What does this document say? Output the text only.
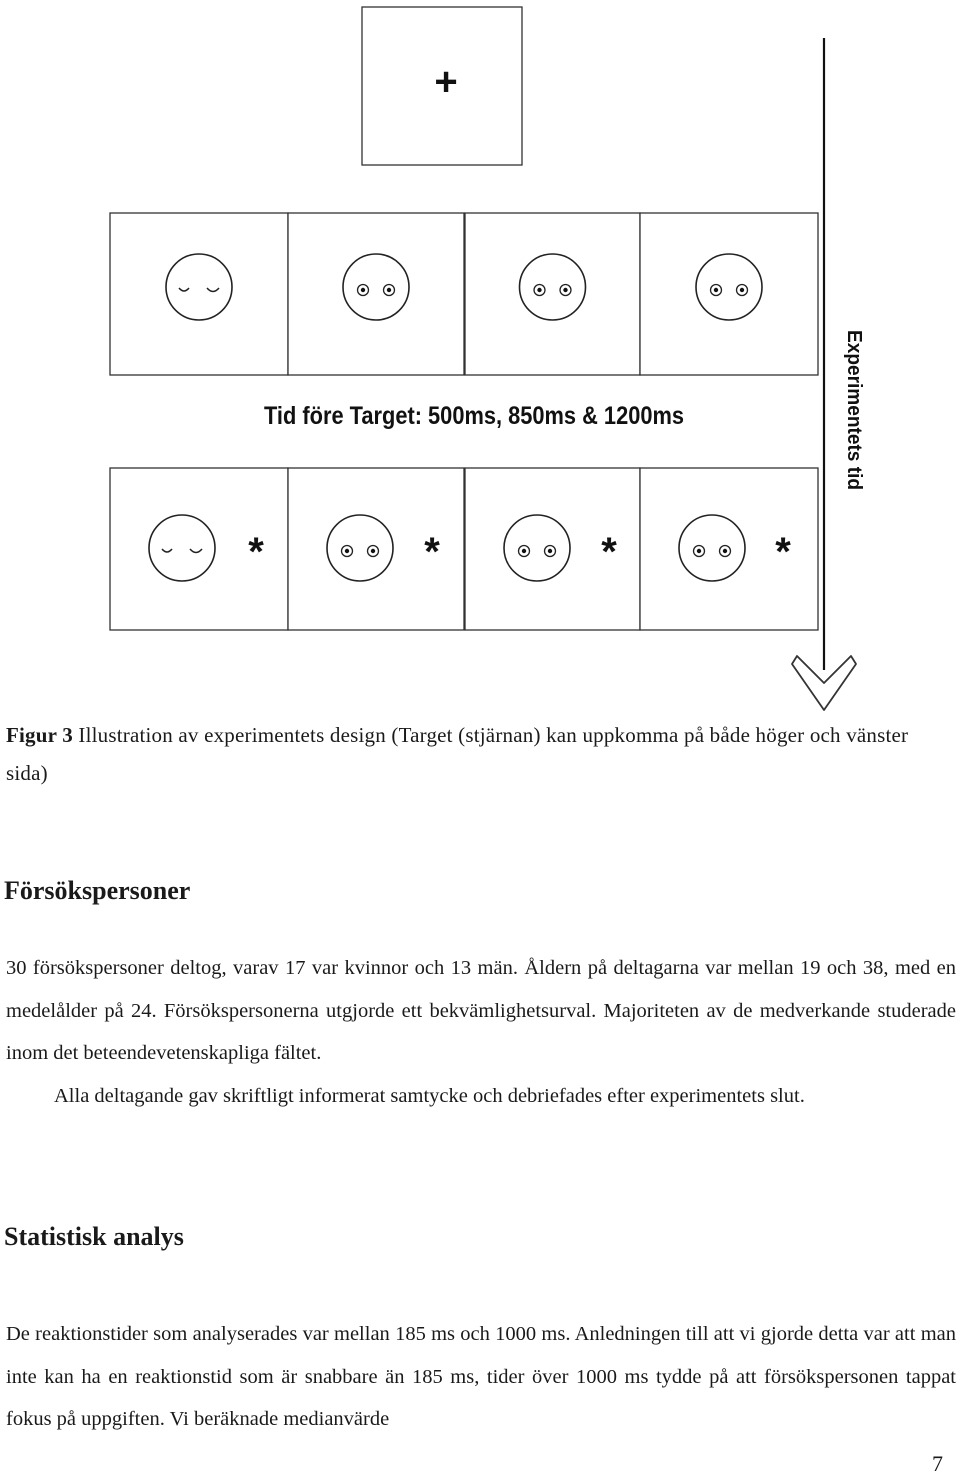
+
Tid före Target: 500ms, 850ms & 1200ms
*	*	*	*
Experimentets tid
Figur 3 Illustration av experimentets design (Target (stjärnan) kan uppkomma på både höger och vänster sida)
Försökspersoner

30 försökspersoner deltog, varav 17 var kvinnor och 13 män. Åldern på deltagarna var mellan 19 och 38, med en medelålder på 24. Försökspersonerna utgjorde ett bekvämlighetsurval. Majoriteten av de medverkande studerade inom det beteendevetenskapliga fältet.

Alla deltagande gav skriftligt informerat samtycke och debriefades efter experimentets slut.

Statistisk analys

De reaktionstider som analyserades var mellan 185 ms och 1000 ms. Anledningen till att vi gjorde detta var att man inte kan ha en reaktionstid som är snabbare än 185 ms, tider över 1000 ms tydde på att försökspersonen tappat fokus på uppgiften. Vi beräknade medianvärde

7
